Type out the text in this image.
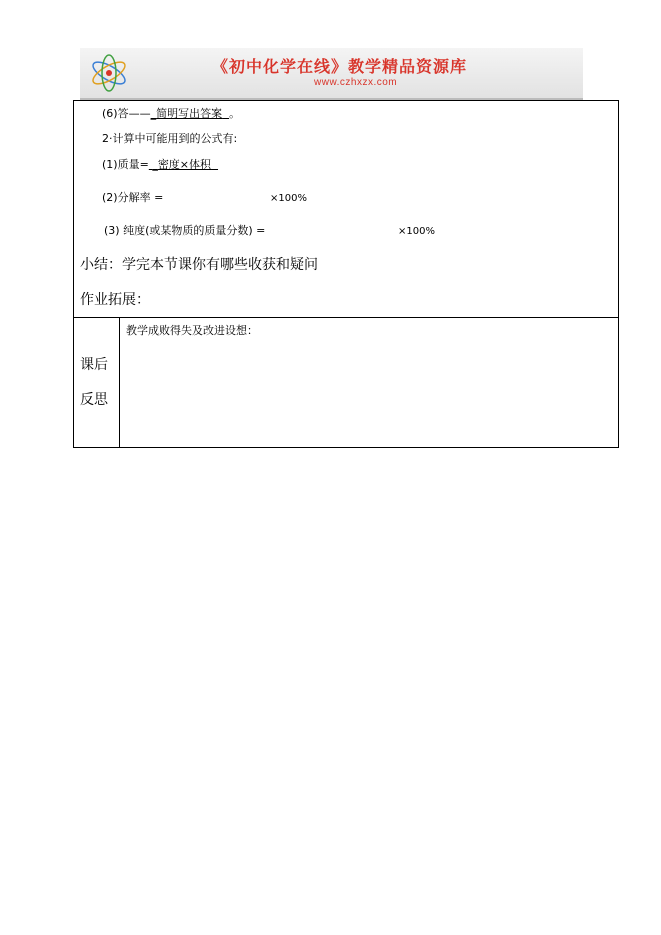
《初中化学在线》教学精品资源库
www.czhxzx.com
(6)答——_简明写出答案 。
2·计算中可能用到的公式有:
(1)质量= _密度×体积
(2)分解率 =	×100%
(3) 纯度(或某物质的质量分数) =	×100%
小结：学完本节课你有哪些收获和疑问
作业拓展：
课后
反思
教学成败得失及改进设想：
